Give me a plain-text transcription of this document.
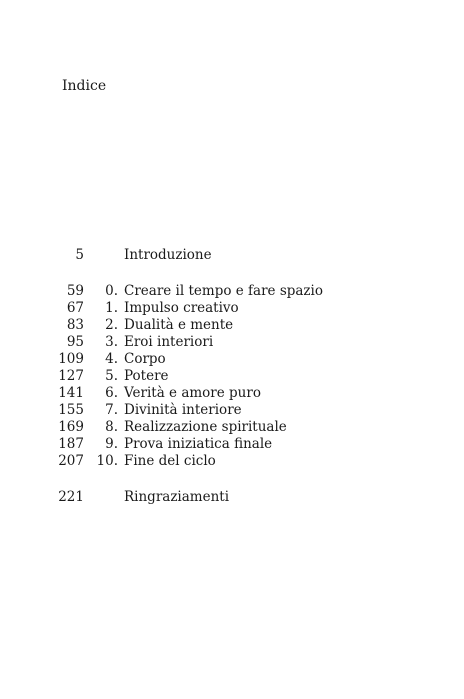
Indice
5	Introduzione
59 0. Creare il tempo e fare spazio
67 1. Impulso creativo
83 2. Dualità e mente
95 3. Eroi interiori
109 4. Corpo
127 5. Potere
141 6. Verità e amore puro
155 7. Divinità interiore
169 8. Realizzazione spirituale
187 9. Prova iniziatica finale
207 10. Fine del ciclo
221	Ringraziamenti
